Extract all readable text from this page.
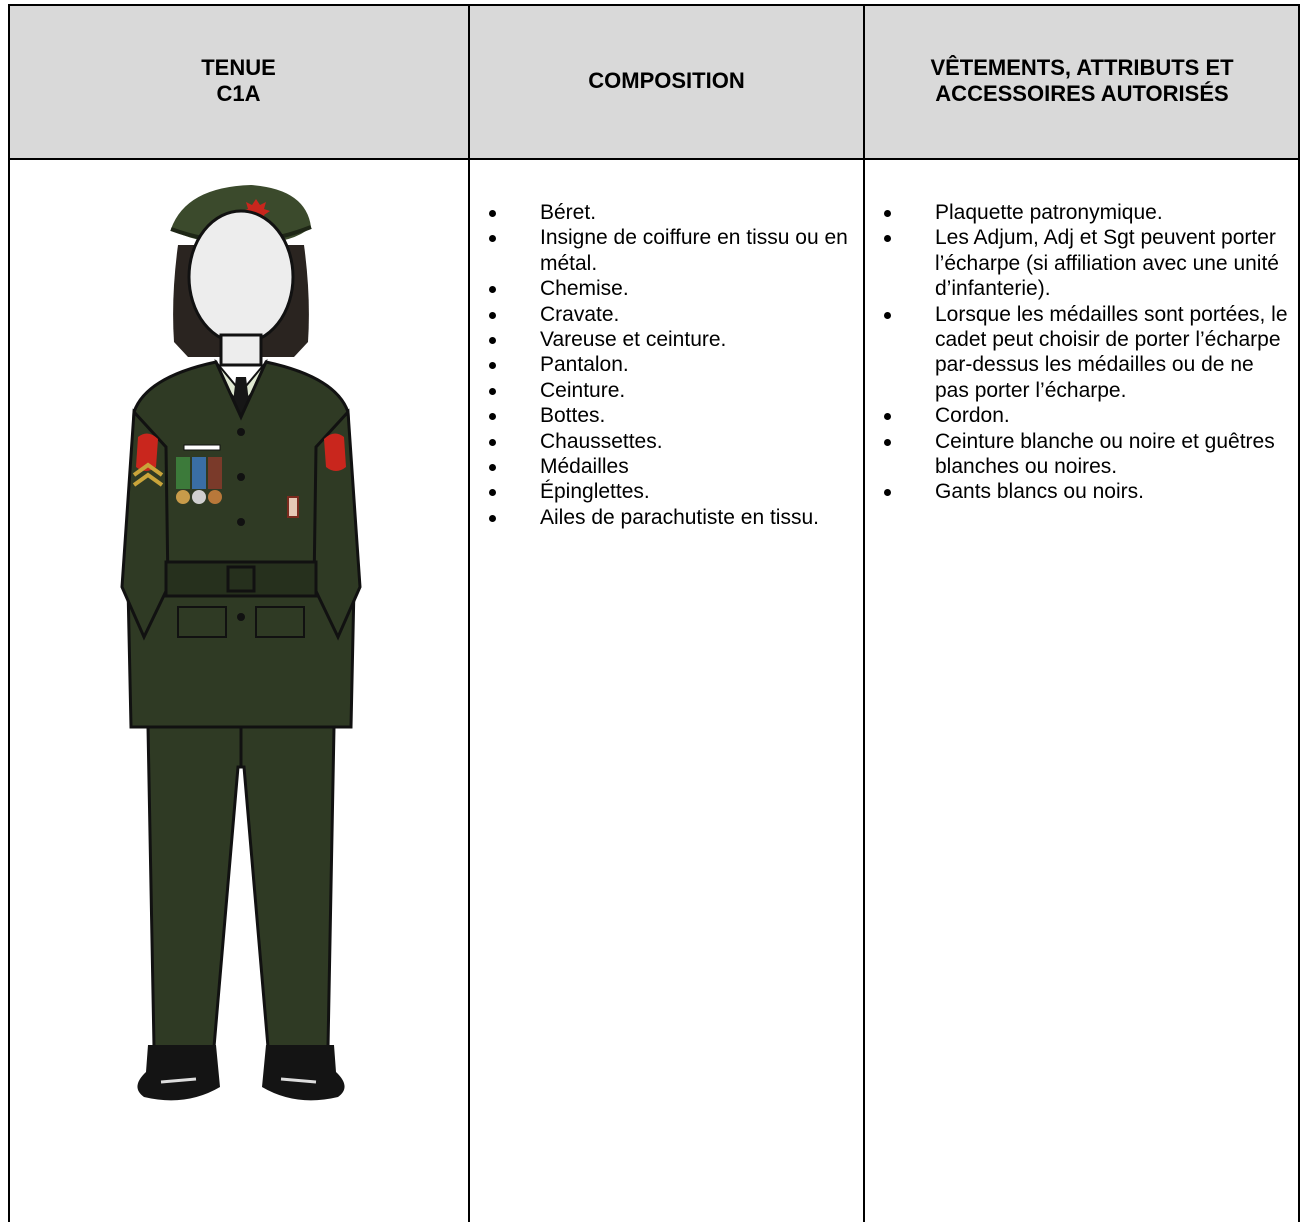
TENUE
C1A
COMPOSITION
VÊTEMENTS, ATTRIBUTS ET
ACCESSOIRES AUTORISÉS
Béret.
Insigne de coiffure en tissu ou en métal.
Chemise.
Cravate.
Vareuse et ceinture.
Pantalon.
Ceinture.
Bottes.
Chaussettes.
Médailles
Épinglettes.
Ailes de parachutiste en tissu.
Plaquette patronymique.
Les Adjum, Adj et Sgt peuvent porter l’écharpe (si affiliation avec une unité d’infanterie).
Lorsque les médailles sont portées, le cadet peut choisir de porter l’écharpe par-dessus les médailles ou de ne pas porter l’écharpe.
Cordon.
Ceinture blanche ou noire et guêtres blanches ou noires.
Gants blancs ou noirs.
